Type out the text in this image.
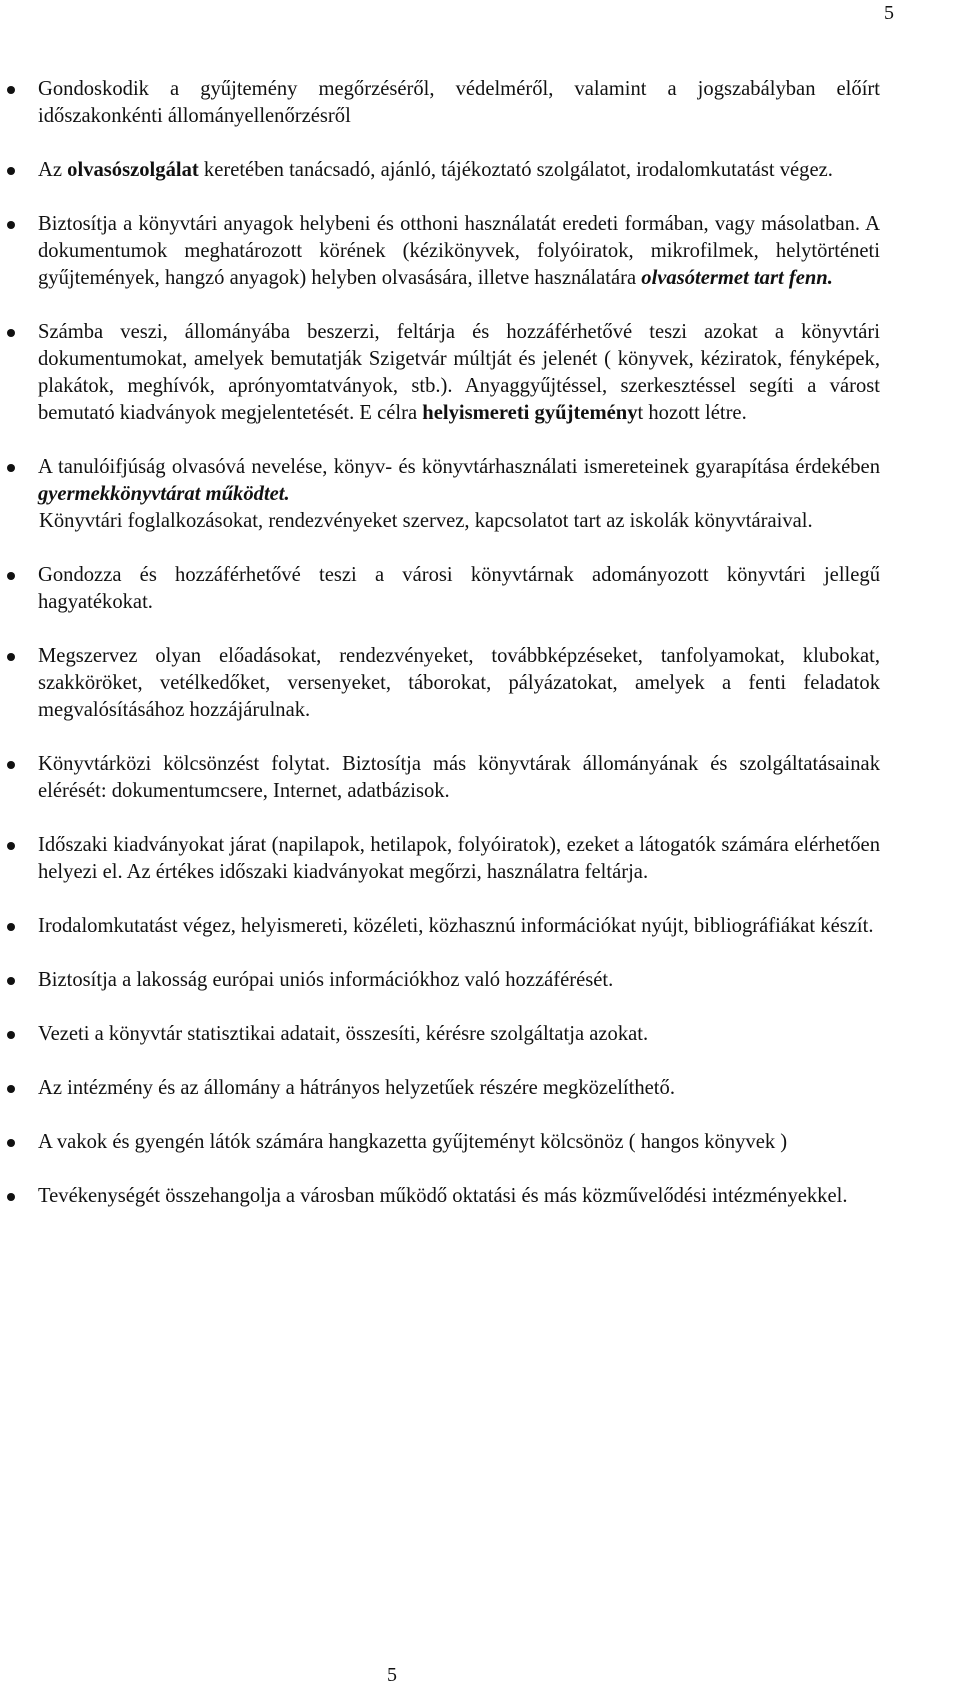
5
Gondoskodik a gyűjtemény megőrzéséről, védelméről, valamint a jogszabályban előírt időszakonkénti állományellenőrzésről
Az olvasószolgálat keretében tanácsadó, ajánló, tájékoztató szolgálatot, irodalomkutatást végez.
Biztosítja a könyvtári anyagok helybeni és otthoni használatát eredeti formában, vagy másolatban. A dokumentumok meghatározott körének (kézikönyvek, folyóiratok, mikrofilmek, helytörténeti gyűjtemények, hangzó anyagok) helyben olvasására, illetve használatára olvasótermet tart fenn.
Számba veszi, állományába beszerzi, feltárja és hozzáférhetővé teszi azokat a könyvtári dokumentumokat, amelyek bemutatják Szigetvár múltját és jelenét ( könyvek, kéziratok, fényképek, plakátok, meghívók, aprónyomtatványok, stb.). Anyaggyűjtéssel, szerkesztéssel segíti a várost bemutató kiadványok megjelentetését. E célra helyismereti gyűjteményt hozott létre.
A tanulóifjúság olvasóvá nevelése, könyv- és könyvtárhasználati ismereteinek gyarapítása érdekében gyermekkönyvtárat működtet.

Könyvtári foglalkozásokat, rendezvényeket szervez, kapcsolatot tart az iskolák könyvtáraival.

Gondozza és hozzáférhetővé teszi a városi könyvtárnak adományozott könyvtári jellegű hagyatékokat.
Megszervez olyan előadásokat, rendezvényeket, továbbképzéseket, tanfolyamokat, klubokat, szakköröket, vetélkedőket, versenyeket, táborokat, pályázatokat, amelyek a fenti feladatok megvalósításához hozzájárulnak.
Könyvtárközi kölcsönzést folytat. Biztosítja más könyvtárak állományának és szolgáltatásainak elérését: dokumentumcsere, Internet, adatbázisok.
Időszaki kiadványokat járat (napilapok, hetilapok, folyóiratok), ezeket a látogatók számára elérhetően helyezi el. Az értékes időszaki kiadványokat megőrzi, használatra feltárja.
Irodalomkutatást végez, helyismereti, közéleti, közhasznú információkat nyújt, bibliográfiákat készít.
Biztosítja a lakosság európai uniós információkhoz való hozzáférését.
Vezeti a könyvtár statisztikai adatait, összesíti, kérésre szolgáltatja azokat.
Az intézmény és az állomány a hátrányos helyzetűek részére megközelíthető.
A vakok és gyengén látók számára hangkazetta gyűjteményt kölcsönöz ( hangos könyvek )
Tevékenységét összehangolja a városban működő oktatási és más közművelődési intézményekkel.
5
